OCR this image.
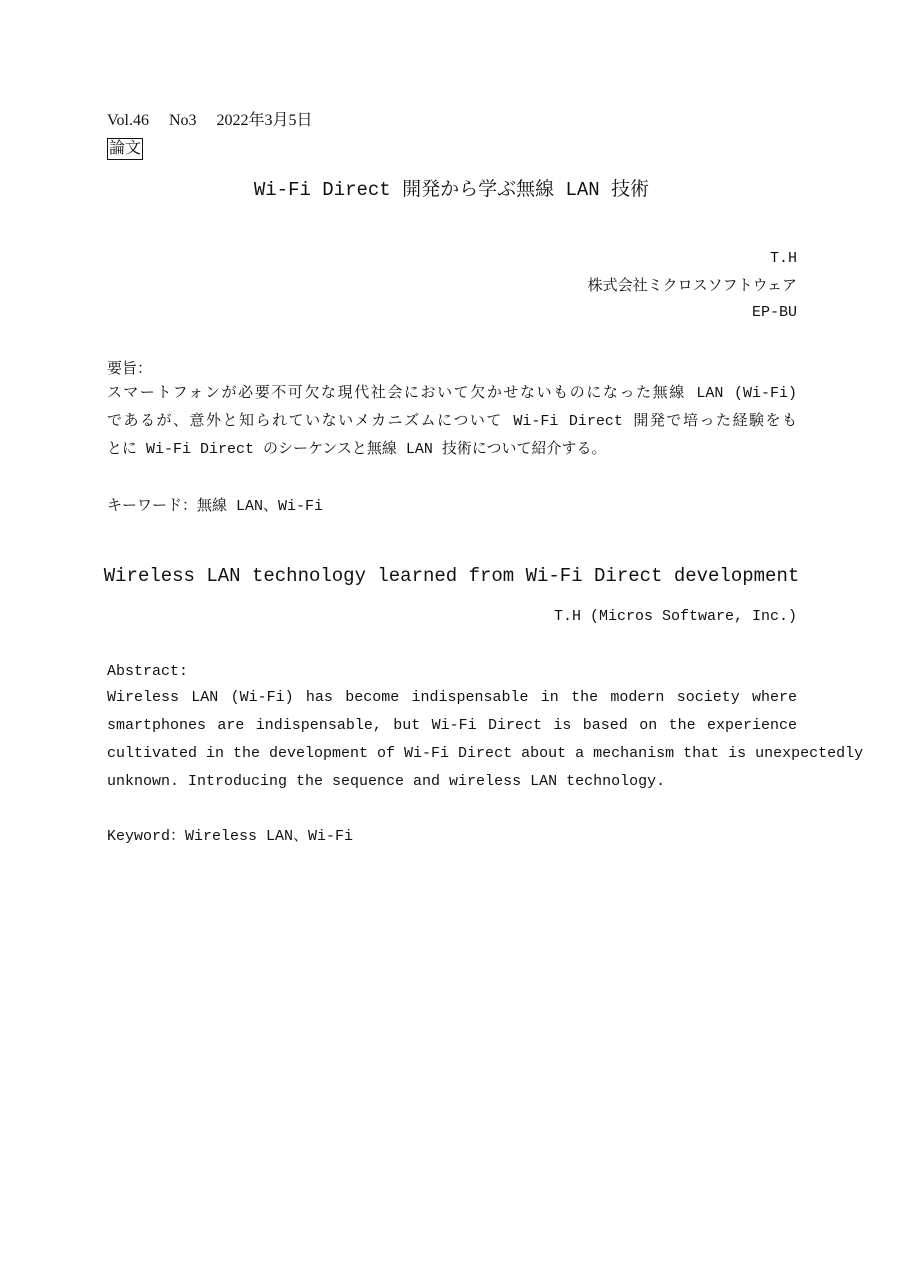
Vol.46 No3 2022年3月5日
論文
Wi-Fi Direct 開発から学ぶ無線 LAN 技術
T.H
株式会社ミクロスソフトウェア
EP-BU
要旨：
スマートフォンが必要不可欠な現代社会において欠かせないものになった無線 LAN (Wi-Fi)
であるが、意外と知られていないメカニズムについて Wi-Fi Direct 開発で培った経験をも
とに Wi-Fi Direct のシーケンスと無線 LAN 技術について紹介する。
キーワード：無線 LAN、Wi-Fi
Wireless LAN technology learned from Wi-Fi Direct development
T.H (Micros Software, Inc.)
Abstract:
Wireless LAN (Wi-Fi) has become indispensable in the modern society where
smartphones are indispensable, but Wi-Fi Direct is based on the experience
cultivated in the development of Wi-Fi Direct about a mechanism that is unexpectedly
unknown. Introducing the sequence and wireless LAN technology.
Keyword：Wireless LAN、Wi-Fi
